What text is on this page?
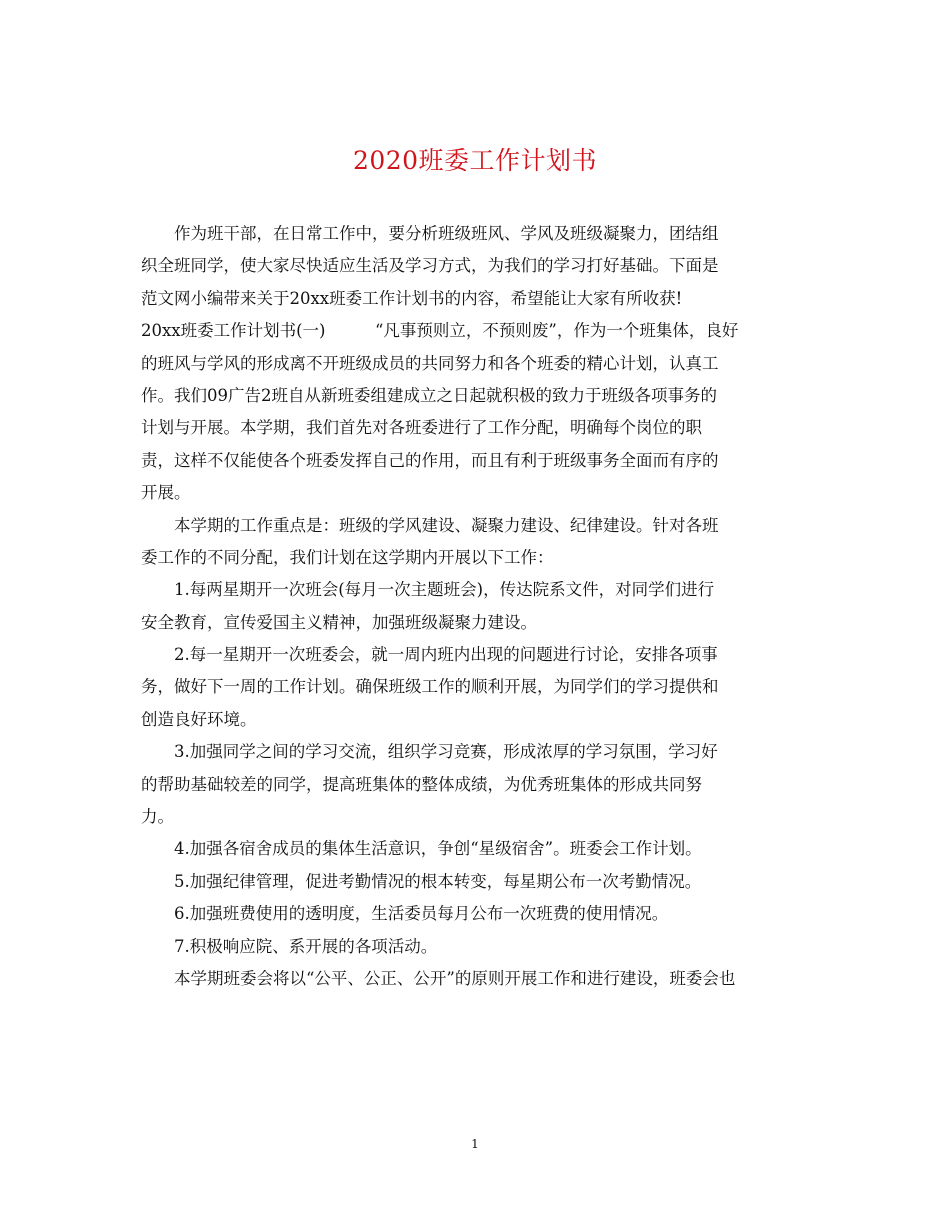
2020班委工作计划书
作为班干部，在日常工作中，要分析班级班风、学风及班级凝聚力，团结组
织全班同学，使大家尽快适应生活及学习方式，为我们的学习打好基础。下面是
范文网小编带来关于20xx班委工作计划书的内容，希望能让大家有所收获!
20xx班委工作计划书(一)　　　“凡事预则立，不预则废”，作为一个班集体，良好
的班风与学风的形成离不开班级成员的共同努力和各个班委的精心计划，认真工
作。我们09广告2班自从新班委组建成立之日起就积极的致力于班级各项事务的
计划与开展。本学期，我们首先对各班委进行了工作分配，明确每个岗位的职
责，这样不仅能使各个班委发挥自己的作用，而且有利于班级事务全面而有序的
开展。
本学期的工作重点是：班级的学风建设、凝聚力建设、纪律建设。针对各班
委工作的不同分配，我们计划在这学期内开展以下工作：
1.每两星期开一次班会(每月一次主题班会)，传达院系文件，对同学们进行
安全教育，宣传爱国主义精神，加强班级凝聚力建设。
2.每一星期开一次班委会，就一周内班内出现的问题进行讨论，安排各项事
务，做好下一周的工作计划。确保班级工作的顺利开展，为同学们的学习提供和
创造良好环境。
3.加强同学之间的学习交流，组织学习竞赛，形成浓厚的学习氛围，学习好
的帮助基础较差的同学，提高班集体的整体成绩，为优秀班集体的形成共同努
力。
4.加强各宿舍成员的集体生活意识，争创“星级宿舍”。班委会工作计划。
5.加强纪律管理，促进考勤情况的根本转变，每星期公布一次考勤情况。
6.加强班费使用的透明度，生活委员每月公布一次班费的使用情况。
7.积极响应院、系开展的各项活动。
本学期班委会将以“公平、公正、公开”的原则开展工作和进行建设，班委会也
1
